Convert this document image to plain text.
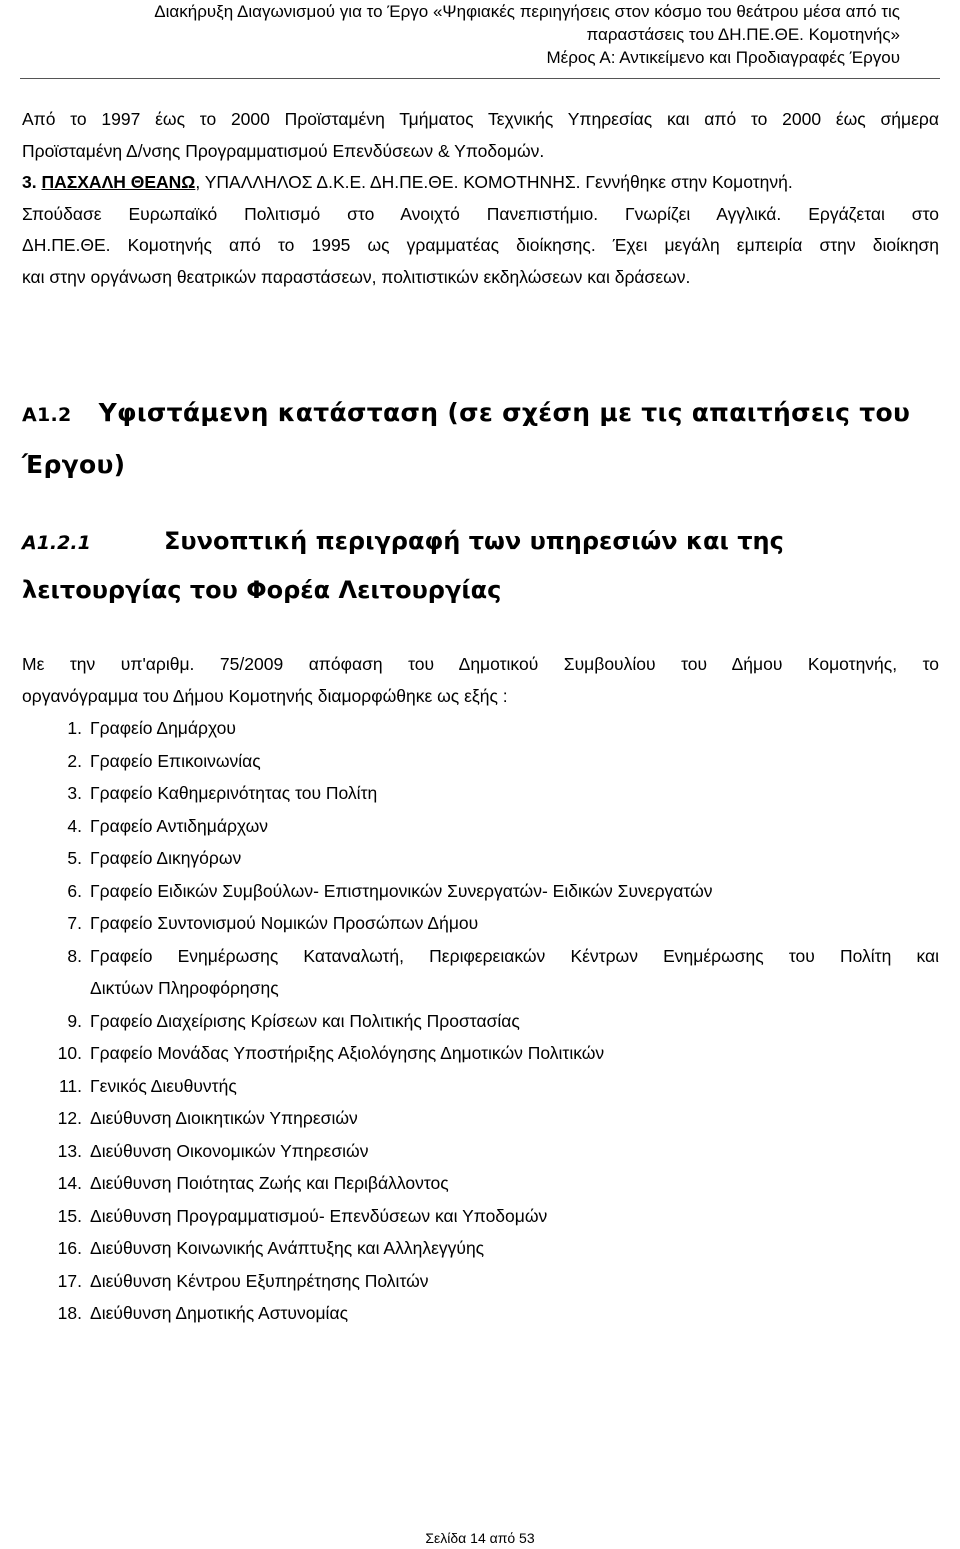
Διακήρυξη Διαγωνισμού για το Έργο «Ψηφιακές περιηγήσεις στον κόσμο του θεάτρου μέσα από τις
παραστάσεις του ΔΗ.ΠΕ.ΘΕ. Κομοτηνής»
Μέρος Α: Αντικείμενο και Προδιαγραφές Έργου
Από το 1997 έως το 2000 Προϊσταμένη Τμήματος Τεχνικής Υπηρεσίας και από το 2000 έως σήμερα
Προϊσταμένη Δ/νσης Προγραμματισμού Επενδύσεων & Υποδομών.
3. ΠΑΣΧΑΛΗ ΘΕΑΝΩ, ΥΠΑΛΛΗΛΟΣ Δ.Κ.Ε. ΔΗ.ΠΕ.ΘΕ. ΚΟΜΟΤΗΝΗΣ. Γεννήθηκε στην Κομοτηνή.
Σπούδασε Ευρωπαϊκό Πολιτισμό στο Ανοιχτό Πανεπιστήμιο. Γνωρίζει Αγγλικά. Εργάζεται στο
ΔΗ.ΠΕ.ΘΕ. Κομοτηνής από το 1995 ως γραμματέας διοίκησης. Έχει μεγάλη εμπειρία στην διοίκηση
και στην οργάνωση θεατρικών παραστάσεων, πολιτιστικών εκδηλώσεων και δράσεων.
Α1.2 Υφιστάμενη κατάσταση (σε σχέση με τις απαιτήσεις του Έργου)
Α1.2.1	Συνοπτική περιγραφή των υπηρεσιών και της λειτουργίας του Φορέα Λειτουργίας
Με την υπ'αριθμ. 75/2009 απόφαση του Δημοτικού Συμβουλίου του Δήμου Κομοτηνής, το
οργανόγραμμα του Δήμου Κομοτηνής διαμορφώθηκε ως εξής :
1. Γραφείο Δημάρχου
2. Γραφείο Επικοινωνίας
3. Γραφείο Καθημερινότητας του Πολίτη
4. Γραφείο Αντιδημάρχων
5. Γραφείο Δικηγόρων
6. Γραφείο Ειδικών Συμβούλων- Επιστημονικών Συνεργατών- Ειδικών Συνεργατών
7. Γραφείο Συντονισμού Νομικών Προσώπων Δήμου
8. Γραφείο Ενημέρωσης Καταναλωτή, Περιφερειακών Κέντρων Ενημέρωσης του Πολίτη και
Δικτύων Πληροφόρησης
9. Γραφείο Διαχείρισης Κρίσεων και Πολιτικής Προστασίας
10. Γραφείο Μονάδας Υποστήριξης Αξιολόγησης Δημοτικών Πολιτικών
11. Γενικός Διευθυντής
12. Διεύθυνση Διοικητικών Υπηρεσιών
13. Διεύθυνση Οικονομικών Υπηρεσιών
14. Διεύθυνση Ποιότητας Ζωής και Περιβάλλοντος
15. Διεύθυνση Προγραμματισμού- Επενδύσεων και Υποδομών
16. Διεύθυνση Κοινωνικής Ανάπτυξης και Αλληλεγγύης
17. Διεύθυνση Κέντρου Εξυπηρέτησης Πολιτών
18. Διεύθυνση Δημοτικής Αστυνομίας
Σελίδα 14 από 53
